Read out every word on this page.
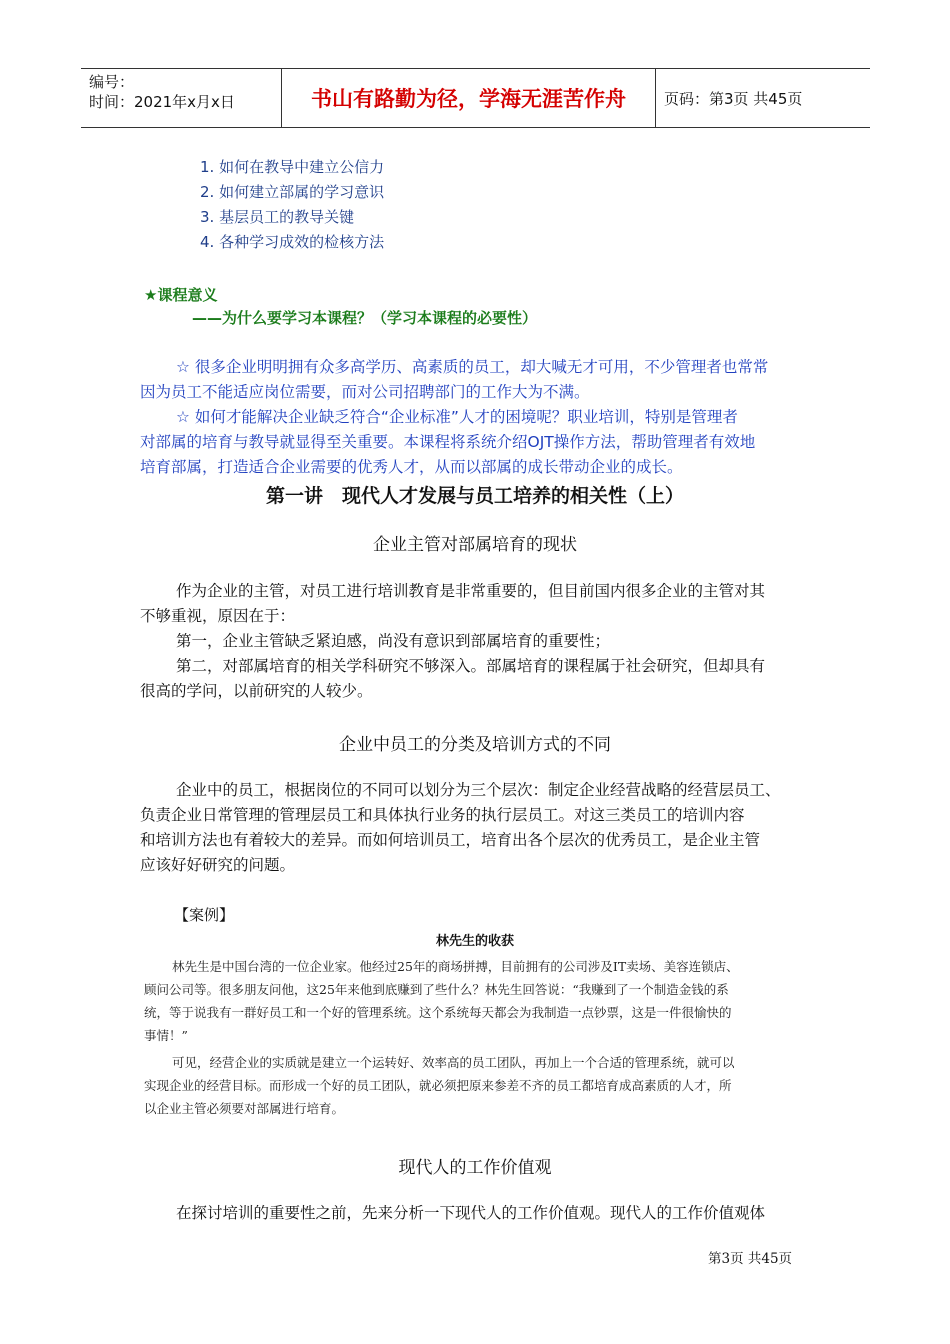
编号：
时间：2021年x月x日	书山有路勤为径，学海无涯苦作舟	页码：第3页 共45页
1. 如何在教导中建立公信力
2. 如何建立部属的学习意识
3. 基层员工的教导关键
4. 各种学习成效的检核方法
★课程意义
——为什么要学习本课程？（学习本课程的必要性）
☆ 很多企业明明拥有众多高学历、高素质的员工，却大喊无才可用，不少管理者也常常
因为员工不能适应岗位需要，而对公司招聘部门的工作大为不满。
☆ 如何才能解决企业缺乏符合“企业标准”人才的困境呢？职业培训，特别是管理者
对部属的培育与教导就显得至关重要。本课程将系统介绍OJT操作方法，帮助管理者有效地
培育部属，打造适合企业需要的优秀人才，从而以部属的成长带动企业的成长。
第一讲　现代人才发展与员工培养的相关性（上）
企业主管对部属培育的现状
作为企业的主管，对员工进行培训教育是非常重要的，但目前国内很多企业的主管对其
不够重视，原因在于：
第一，企业主管缺乏紧迫感，尚没有意识到部属培育的重要性；
第二，对部属培育的相关学科研究不够深入。部属培育的课程属于社会研究，但却具有
很高的学问，以前研究的人较少。
企业中员工的分类及培训方式的不同
企业中的员工，根据岗位的不同可以划分为三个层次：制定企业经营战略的经营层员工、
负责企业日常管理的管理层员工和具体执行业务的执行层员工。对这三类员工的培训内容
和培训方法也有着较大的差异。而如何培训员工，培育出各个层次的优秀员工，是企业主管
应该好好研究的问题。
【案例】
林先生的收获
林先生是中国台湾的一位企业家。他经过25年的商场拼搏，目前拥有的公司涉及IT卖场、美容连锁店、
顾问公司等。很多朋友问他，这25年来他到底赚到了些什么？林先生回答说：“我赚到了一个制造金钱的系
统，等于说我有一群好员工和一个好的管理系统。这个系统每天都会为我制造一点钞票，这是一件很愉快的
事情！”
可见，经营企业的实质就是建立一个运转好、效率高的员工团队，再加上一个合适的管理系统，就可以
实现企业的经营目标。而形成一个好的员工团队，就必须把原来参差不齐的员工都培育成高素质的人才，所
以企业主管必须要对部属进行培育。
现代人的工作价值观
在探讨培训的重要性之前，先来分析一下现代人的工作价值观。现代人的工作价值观体
第3页 共45页
